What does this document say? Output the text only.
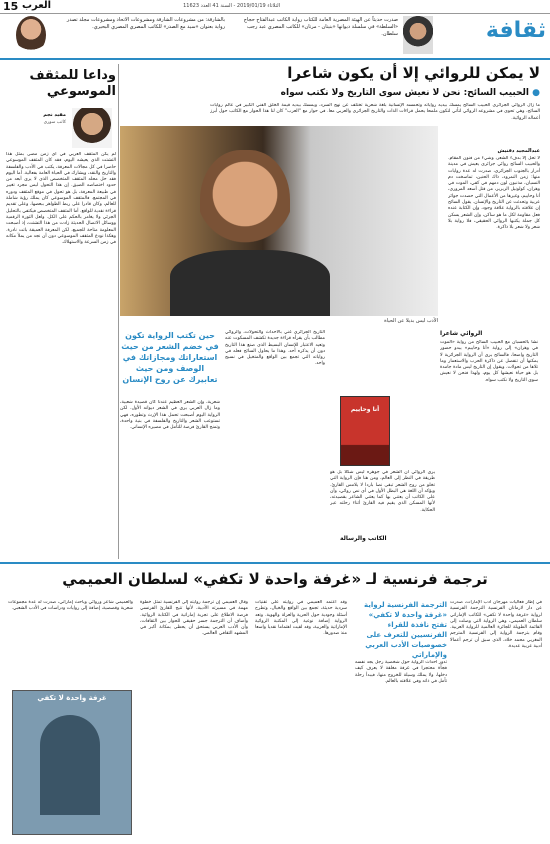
15 العرب	الثلاثاء 2019/01/19 - السنة 41 العدد 11623
بالشارقة: من مشروعات الشارقة ومشروعات الاتحاد ومشروعات مجلد تصدر رواية بعنوان «سيد مع الصدر» للكاتب المصري المصري البحيري.
صدرت حديثاً عن الهيئة المصرية العامة للكتاب رواية الكاتب عبدالفتاح حجاج «السلطة» في سلسلة ديوانها «بنيتان - مرتان» للكاتب المصري عبد رجب سلطان.	ثقافة
لا يمكن للروائي إلا أن يكون شاعرا
● الحبيب السائح: نحن لا نعيش سوى التاريخ ولا نكتب سواه
ما زال الروائي الجزائري الحبيب السائح يمسك بيديه رواياته وتحمسه الإنسانية بلغة شعرية تختلف عن نهج السرد، ويمسك بيديه قيمة الخلق الفني الكبير في عالم روايات السائح، وهي تحوي في مشروعه الروائي لتأتي لتكون ملمحا يحمل قراءات الذات والتاريخ الجزائري والعربي معا. في حوار مع "العرب" كان لنا هذا الحوار مع الكاتب حول أبرز أعماله الروائية.
عبدالمجيد دقنيش
لا تحل إلا بدفء الشعر، وشيء من فنون المقام. والحبيب السائح روائي جزائري يعيش في مدينة أدرار بالجنوب الجزائري، صدرت له عدة روايات منها: زمن النمرود، ذاك الحنين، تماسخت دم النسيان، مذنبون لون دمهم في كفي، الموت في وهران، كولونيل الزبربر، من قتل أسعد المروري، أنا وحاييم، وغيرها من الأعمال التي حصدت جوائز عربية وتحدثت عن التاريخ والإنسان. يقول السائح إن علاقته بالرواية علاقة وجود، وإن الكتابة عنده فعل مقاومة لكل ما هو ساكن، وإن الشعر يسكن كل جملة يكتبها الروائي الحقيقي، فلا رواية بلا شعر ولا شعر بلا ذاكرة.
الأدب ليس بديلا عن الحياة
حين تكتب الرواية تكون في خضم الشعر من حيث استعاراتك ومجازاتك في الوصف ومن حيث تعابيرك عن روح الإنسان
شعرية، وإن الشعر العظيم عندنا كان قصيدة شعبية، وما زال العربي يرى في الشعر ديوانه الأول. لكن الرواية اليوم أصبحت تحمل هذا الإرث وتطوره، فهي تستوعب الشعر والتاريخ والفلسفة في بنية واحدة، وتمنح القارئ فرصة للتأمل في مصيره الإنساني.
التاريخ الجزائري غني بالأحداث والتحولات، والروائي مطالب بأن يقرأه قراءة جديدة تكشف المسكوت عنه وتعيد الاعتبار للإنسان البسيط الذي صنع هذا التاريخ دون أن يذكره أحد. وهذا ما يحاول السائح فعله في رواياته التي تجمع بين الواقع والمتخيل في نسيج واحد.
يرى الروائي أن الشعر في جوهره ليس شكلا بل هو طريقة في النظر إلى العالم، ومن هنا فإن الرواية التي تخلو من روح الشعر تبقى نصا باردا لا يلامس القارئ. ويؤكد أن اللغة هي البطل الأول في أي نص روائي، وأن على الكاتب أن يعتني بها كما يعتني الشاعر بقصيدته، لأنها المسكن الذي يقيم فيه القارئ أثناء رحلته عبر الحكاية.
أنا وحاييم
الروائي شاعرا
نشأ بالحسبان مع الحبيب السائح من رواية «الموت في وهران» إلى رواية «أنا وحاييم» يبدو حضور التاريخ واضحا، فالسائح يرى أن الرواية الجزائرية لا يمكنها أن تنفصل عن ذاكرة الحرب والاستعمار وما تلاها من تحولات. ويقول إن التاريخ ليس مادة جامدة بل هو حياة نعيشها كل يوم، ولهذا فنحن لا نعيش سوى التاريخ ولا نكتب سواه.
الكاتب والرسالة
وداعا للمثقف الموسوعي
مفيد نجم
كاتب سوري
لم يكن المثقف العربي في أي زمن مضى بمثل هذا التشتت الذي يعيشه اليوم، فقد كان المثقف الموسوعي حاضرا في كل مجالات المعرفة، يكتب في الأدب والفلسفة والتاريخ والنقد، ويشارك في الحياة العامة بفعالية. أما اليوم فقد حل محله المثقف المتخصص الذي لا يرى أبعد من حدود اختصاصه الضيق. إن هذا التحول ليس مجرد تغيير في طبيعة المعرفة، بل هو تحول في موقع المثقف ودوره في المجتمع. فالمثقف الموسوعي كان يملك رؤية شاملة للعالم، وكان قادرا على ربط الظواهر ببعضها، وعلى تقديم قراءة نقدية للواقع. أما المثقف المتخصص فيكتفي بالتحليل الجزئي ولا يغامر بالحكم على الكل. ولعل الثورة الرقمية ووسائل الاتصال الحديثة زادت من هذا التشتت، إذ أصبحت المعلومة متاحة للجميع، لكن المعرفة العميقة باتت نادرة. وهكذا نودع المثقف الموسوعي دون أن نجد من يملأ مكانه في زمن السرعة والاستهلاك.
ترجمة فرنسية لـ «غرفة واحدة لا تكفي» لسلطان العميمي
في إطار فعاليات مهرجان أدب الإمارات، صدرت عن دار لارماتان الفرنسية الترجمة الفرنسية لرواية «غرفة واحدة لا تكفي» للكاتب الإماراتي سلطان العميمي، وهي الرواية التي وصلت إلى القائمة الطويلة للجائزة العالمية للرواية العربية. وقام بترجمة الرواية إلى الفرنسية المترجم المغربي محمد خلاد، الذي سبق أن ترجم أعمالا أدبية عربية عديدة.
الترجمة الفرنسية لرواية «غرفة واحدة لا تكفي» تفتح نافذة للقراء الفرنسيين للتعرف على خصوصيات الأدب العربي والإماراتي
تدور أحداث الرواية حول شخصية رجل يجد نفسه فجأة محتجزا في غرفة مغلقة لا يعرف كيف دخلها، ولا يملك وسيلة للخروج منها، فيبدأ رحلة تأمل في ذاته وفي علاقته بالعالم.
وقد اعتمد العميمي في روايته على تقنيات سردية حديثة، تجمع بين الواقع والخيال، وتطرح أسئلة وجودية حول الحرية والعزلة والهوية. وتعد الرواية إضافة نوعية إلى المكتبة الروائية الإماراتية والعربية، وقد لقيت اهتماما نقديا واسعا منذ صدورها.
وقال العميمي إن ترجمة روايته إلى الفرنسية تمثل خطوة مهمة في مسيرته الأدبية، لأنها تتيح للقارئ الفرنسي فرصة الاطلاع على تجربة إماراتية في الكتابة الروائية. وأضاف أن الترجمة جسر حقيقي للحوار بين الثقافات، وأن الأدب العربي يستحق أن يحظى بمكانة أكبر في المشهد الثقافي العالمي.
والعميمي شاعر وروائي وباحث إماراتي، صدرت له عدة مجموعات شعرية وقصصية، إضافة إلى روايات ودراسات في الأدب الشعبي.
غرفة واحدة لا تكفي
